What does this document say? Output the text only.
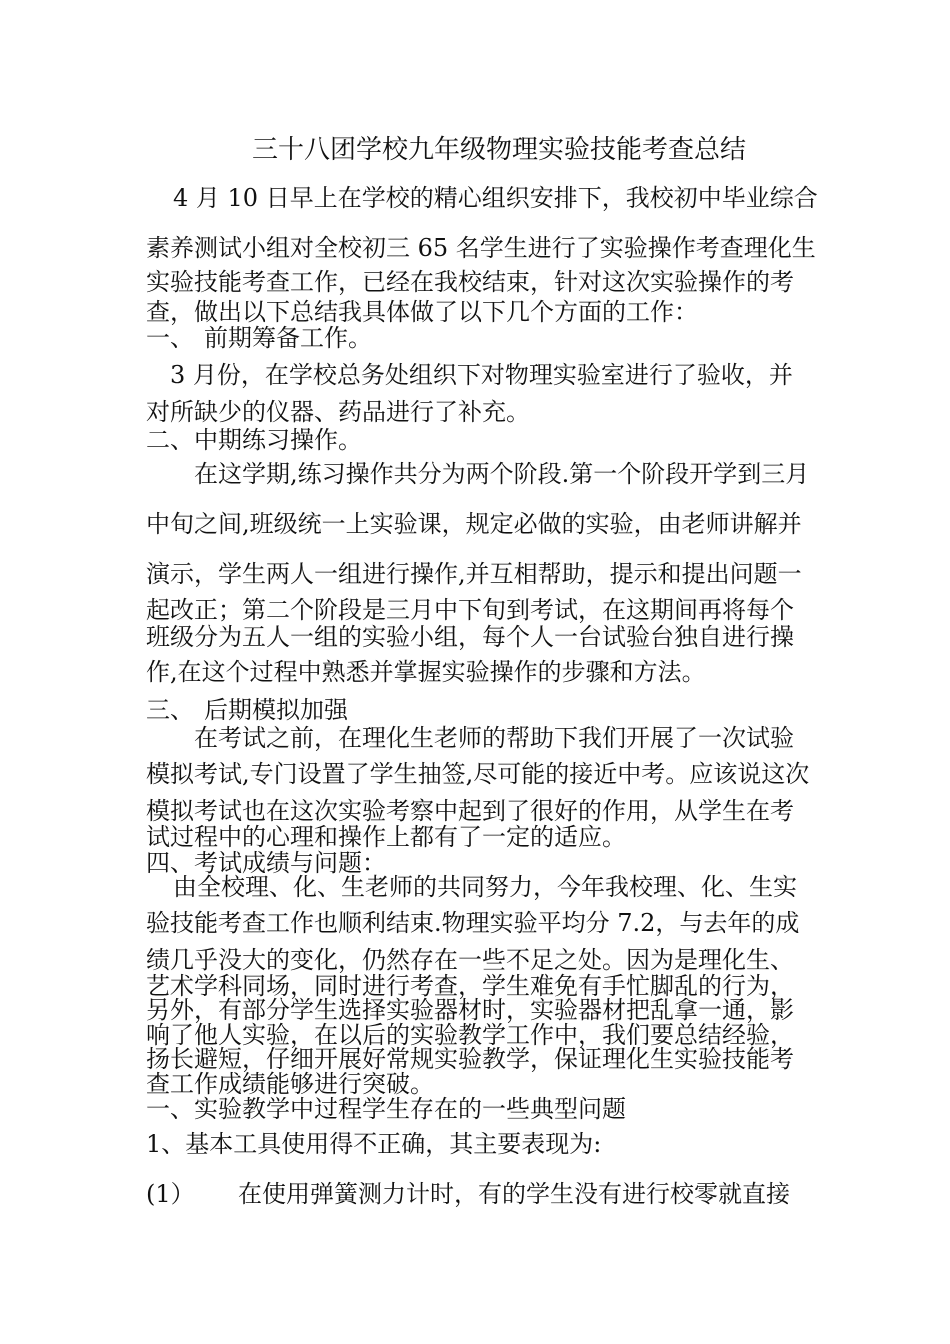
三十八团学校九年级物理实验技能考查总结
4 月 10 日早上在学校的精心组织安排下，我校初中毕业综合
素养测试小组对全校初三 65 名学生进行了实验操作考查理化生
实验技能考查工作，已经在我校结束，针对这次实验操作的考
查，做出以下总结我具体做了以下几个方面的工作：
一、 前期筹备工作。
3 月份，在学校总务处组织下对物理实验室进行了验收，并
对所缺少的仪器、药品进行了补充。
二、中期练习操作。
在这学期,练习操作共分为两个阶段.第一个阶段开学到三月
中旬之间,班级统一上实验课，规定必做的实验，由老师讲解并
演示，学生两人一组进行操作,并互相帮助，提示和提出问题一
起改正；第二个阶段是三月中下旬到考试，在这期间再将每个
班级分为五人一组的实验小组，每个人一台试验台独自进行操
作,在这个过程中熟悉并掌握实验操作的步骤和方法。
三、 后期模拟加强
在考试之前，在理化生老师的帮助下我们开展了一次试验
模拟考试,专门设置了学生抽签,尽可能的接近中考。应该说这次
模拟考试也在这次实验考察中起到了很好的作用，从学生在考
试过程中的心理和操作上都有了一定的适应。
四、考试成绩与问题：
由全校理、化、生老师的共同努力，今年我校理、化、生实
验技能考查工作也顺利结束.物理实验平均分 7.2，与去年的成
绩几乎没大的变化，仍然存在一些不足之处。因为是理化生、
艺术学科同场，同时进行考查，学生难免有手忙脚乱的行为，
另外，有部分学生选择实验器材时，实验器材把乱拿一通，影
响了他人实验，在以后的实验教学工作中，我们要总结经验，
扬长避短，仔细开展好常规实验教学，保证理化生实验技能考
查工作成绩能够进行突破。
一、实验教学中过程学生存在的一些典型问题
1、基本工具使用得不正确，其主要表现为:
(1） 在使用弹簧测力计时，有的学生没有进行校零就直接
